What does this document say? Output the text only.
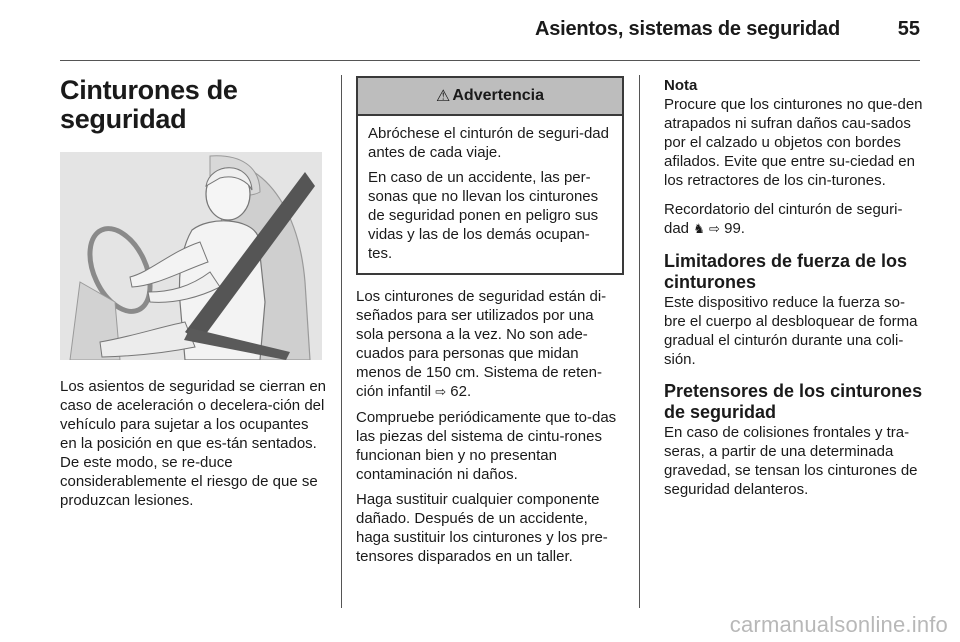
Asientos, sistemas de seguridad	55
Cinturones de
seguridad

Los asientos de seguridad se cierran en caso de aceleración o decelera-ción del vehículo para sujetar a los ocupantes en la posición en que es-tán sentados. De este modo, se re-duce considerablemente el riesgo de que se produzcan lesiones.

⚠ Advertencia

Abróchese el cinturón de seguri-dad antes de cada viaje.

En caso de un accidente, las per-sonas que no llevan los cinturones de seguridad ponen en peligro sus vidas y las de los demás ocupan-tes.

Los cinturones de seguridad están di-señados para ser utilizados por una sola persona a la vez. No son ade-cuados para personas que midan menos de 150 cm. Sistema de reten-ción infantil ⇨ 62.

Compruebe periódicamente que to-das las piezas del sistema de cintu-rones funcionan bien y no presentan contaminación ni daños.

Haga sustituir cualquier componente dañado. Después de un accidente, haga sustituir los cinturones y los pre-tensores disparados en un taller.

Nota

Procure que los cinturones no que-den atrapados ni sufran daños cau-sados por el calzado u objetos con bordes afilados. Evite que entre su-ciedad en los retractores de los cin-turones.

Recordatorio del cinturón de seguri-dad ♞ ⇨ 99.

Limitadores de fuerza de los cinturones

Este dispositivo reduce la fuerza so-bre el cuerpo al desbloquear de forma gradual el cinturón durante una coli-sión.

Pretensores de los cinturones de seguridad

En caso de colisiones frontales y tra-seras, a partir de una determinada gravedad, se tensan los cinturones de seguridad delanteros.

carmanualsonline.info
